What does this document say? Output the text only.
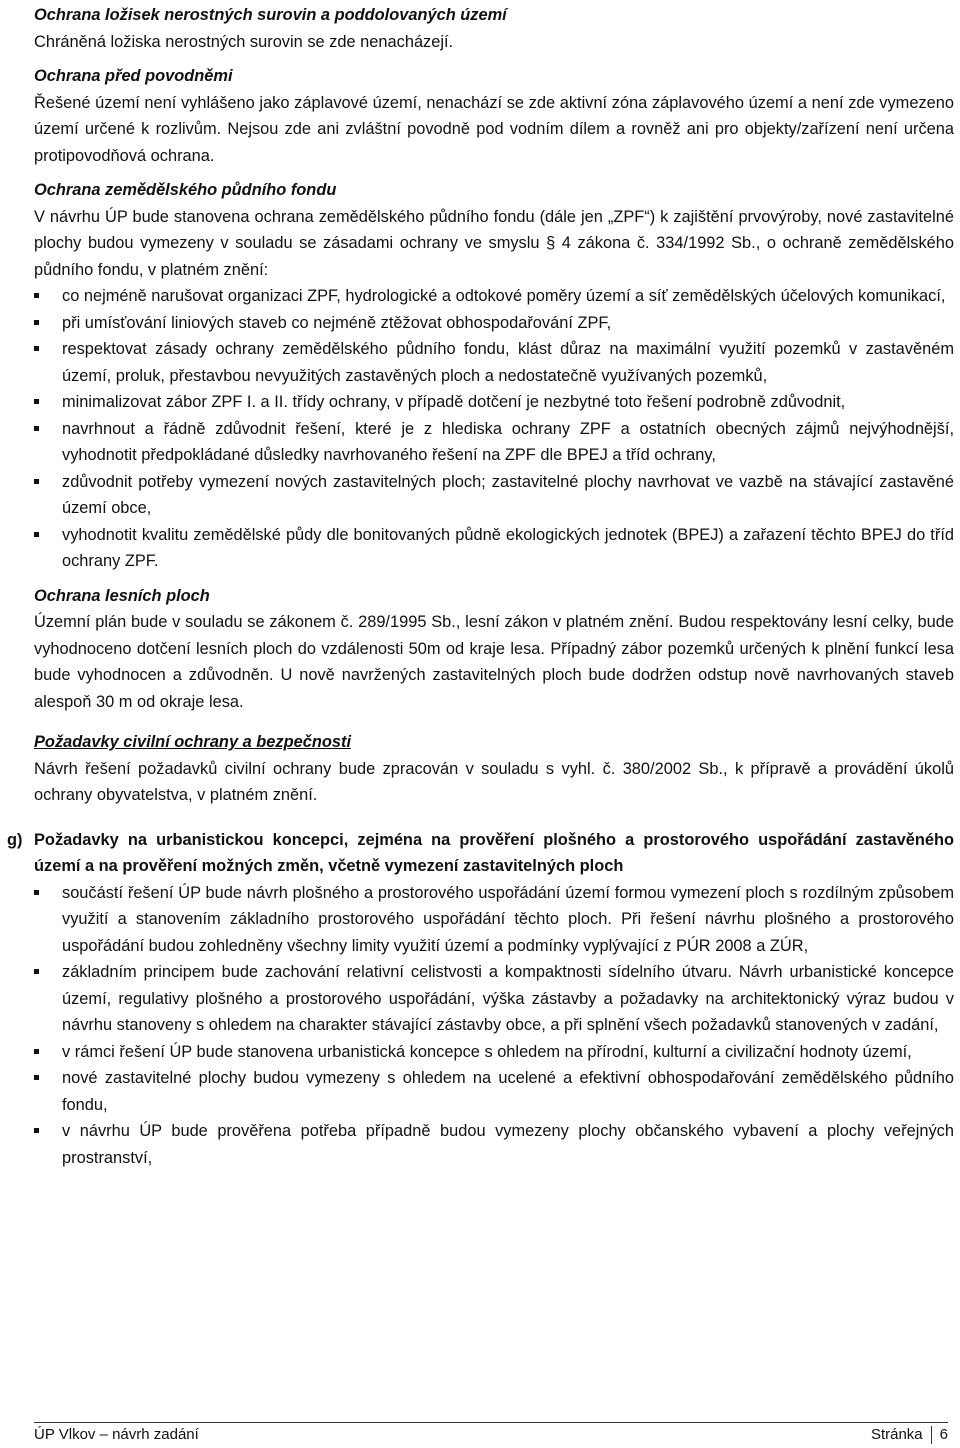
Ochrana ložisek nerostných surovin a poddolovaných území
Chráněná ložiska nerostných surovin se zde nenacházejí.
Ochrana před povodněmi
Řešené území není vyhlášeno jako záplavové území, nenachází se zde aktivní zóna záplavového území a není zde vymezeno území určené k rozlivům. Nejsou zde ani zvláštní povodně pod vodním dílem a rovněž ani pro objekty/zařízení není určena protipovodňová ochrana.
Ochrana zemědělského půdního fondu
V návrhu ÚP bude stanovena ochrana zemědělského půdního fondu (dále jen „ZPF“) k zajištění prvovýroby, nové zastavitelné plochy budou vymezeny v souladu se zásadami ochrany ve smyslu § 4 zákona č. 334/1992 Sb., o ochraně zemědělského půdního fondu, v platném znění:
co nejméně narušovat organizaci ZPF, hydrologické a odtokové poměry území a síť zemědělských účelových komunikací,
při umísťování liniových staveb co nejméně ztěžovat obhospodařování ZPF,
respektovat zásady ochrany zemědělského půdního fondu, klást důraz na maximální využití pozemků v zastavěném území, proluk, přestavbou nevyužitých zastavěných ploch a nedostatečně využívaných pozemků,
minimalizovat zábor ZPF I. a II. třídy ochrany, v případě dotčení je nezbytné toto řešení podrobně zdůvodnit,
navrhnout a řádně zdůvodnit řešení, které je z hlediska ochrany ZPF a ostatních obecných zájmů nejvýhodnější, vyhodnotit předpokládané důsledky navrhovaného řešení na ZPF dle BPEJ a tříd ochrany,
zdůvodnit potřeby vymezení nových zastavitelných ploch; zastavitelné plochy navrhovat ve vazbě na stávající zastavěné území obce,
vyhodnotit kvalitu zemědělské půdy dle bonitovaných půdně ekologických jednotek (BPEJ) a zařazení těchto BPEJ do tříd ochrany ZPF.
Ochrana lesních ploch
Územní plán bude v souladu se zákonem č. 289/1995 Sb., lesní zákon v platném znění. Budou respektovány lesní celky, bude vyhodnoceno dotčení lesních ploch do vzdálenosti 50m od kraje lesa. Případný zábor pozemků určených k plnění funkcí lesa bude vyhodnocen a zdůvodněn. U nově navržených zastavitelných ploch bude dodržen odstup nově navrhovaných staveb alespoň 30 m od okraje lesa.
Požadavky civilní ochrany a bezpečnosti
Návrh řešení požadavků civilní ochrany bude zpracován v souladu s vyhl. č. 380/2002 Sb., k přípravě a provádění úkolů ochrany obyvatelstva, v platném znění.
g) Požadavky na urbanistickou koncepci, zejména na prověření plošného a prostorového uspořádání zastavěného území a na prověření možných změn, včetně vymezení zastavitelných ploch
součástí řešení ÚP bude návrh plošného a prostorového uspořádání území formou vymezení ploch s rozdílným způsobem využití a stanovením základního prostorového uspořádání těchto ploch. Při řešení návrhu plošného a prostorového uspořádání budou zohledněny všechny limity využití území a podmínky vyplývající z PÚR 2008 a ZÚR,
základním principem bude zachování relativní celistvosti a kompaktnosti sídelního útvaru. Návrh urbanistické koncepce území, regulativy plošného a prostorového uspořádání, výška zástavby a požadavky na architektonický výraz budou v návrhu stanoveny s ohledem na charakter stávající zástavby obce, a při splnění všech požadavků stanovených v zadání,
v rámci řešení ÚP bude stanovena urbanistická koncepce s ohledem na přírodní, kulturní a civilizační hodnoty území,
nové zastavitelné plochy budou vymezeny s ohledem na ucelené a efektivní obhospodařování zemědělského půdního fondu,
v návrhu ÚP bude prověřena potřeba případně budou vymezeny plochy občanského vybavení a plochy veřejných prostranství,
ÚP Vlkov – návrh zadání	Stránka 6
